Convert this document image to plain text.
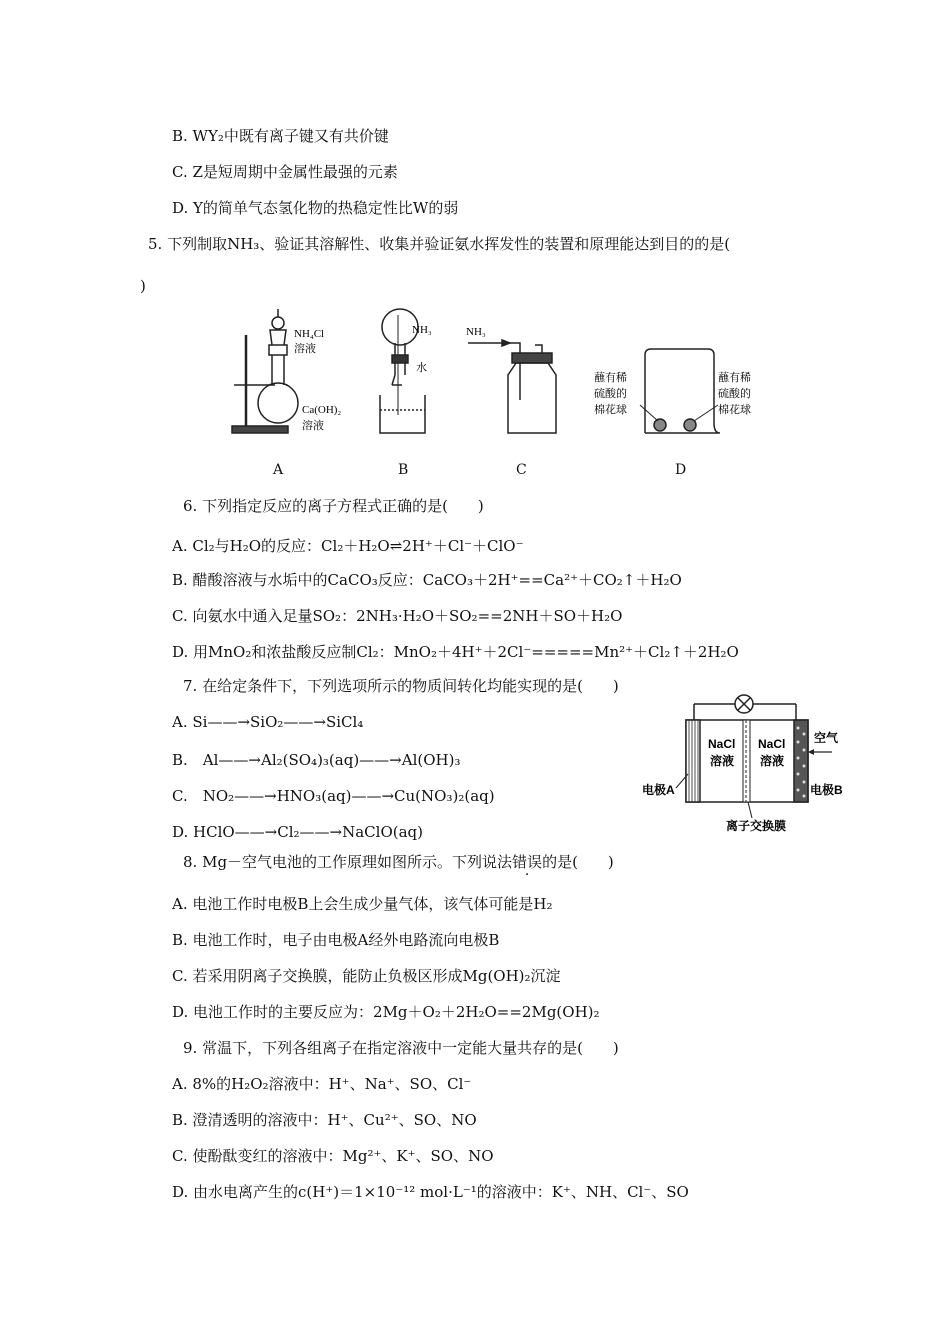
B. WY₂中既有离子键又有共价键
C. Z是短周期中金属性最强的元素
D. Y的简单气态氢化物的热稳定性比W的弱
5. 下列制取NH₃、验证其溶解性、收集并验证氨水挥发性的装置和原理能达到目的的是(
)
NH₄Cl
溶液
Ca(OH)₂
溶液
NH₃
水
NH₃
蘸有稀
硫酸的
棉花球
蘸有稀
硫酸的
棉花球
A	B	C	D
6. 下列指定反应的离子方程式正确的是(　　)
A. Cl₂与H₂O的反应：Cl₂＋H₂O⇌2H⁺＋Cl⁻＋ClO⁻
B. 醋酸溶液与水垢中的CaCO₃反应：CaCO₃＋2H⁺==Ca²⁺＋CO₂↑＋H₂O
C. 向氨水中通入足量SO₂：2NH₃·H₂O＋SO₂==2NH＋SO＋H₂O
D. 用MnO₂和浓盐酸反应制Cl₂：MnO₂＋4H⁺＋2Cl⁻=====Mn²⁺＋Cl₂↑＋2H₂O
7. 在给定条件下，下列选项所示的物质间转化均能实现的是(　　)
A. Si——→SiO₂——→SiCl₄
B.　Al——→Al₂(SO₄)₃(aq)——→Al(OH)₃
C.　NO₂——→HNO₃(aq)——→Cu(NO₃)₂(aq)
D. HClO——→Cl₂——→NaClO(aq)
NaCl
溶液
NaCl
溶液
空气
电极A	电极B
离子交换膜
8. Mg－空气电池的工作原理如图所示。下列说法错误的是(　　)
A. 电池工作时电极B上会生成少量气体，该气体可能是H₂
B. 电池工作时，电子由电极A经外电路流向电极B
C. 若采用阴离子交换膜，能防止负极区形成Mg(OH)₂沉淀
D. 电池工作时的主要反应为：2Mg＋O₂＋2H₂O==2Mg(OH)₂
9. 常温下，下列各组离子在指定溶液中一定能大量共存的是(　　)
A. 8%的H₂O₂溶液中：H⁺、Na⁺、SO、Cl⁻
B. 澄清透明的溶液中：H⁺、Cu²⁺、SO、NO
C. 使酚酞变红的溶液中：Mg²⁺、K⁺、SO、NO
D. 由水电离产生的c(H⁺)＝1×10⁻¹² mol·L⁻¹的溶液中：K⁺、NH、Cl⁻、SO
